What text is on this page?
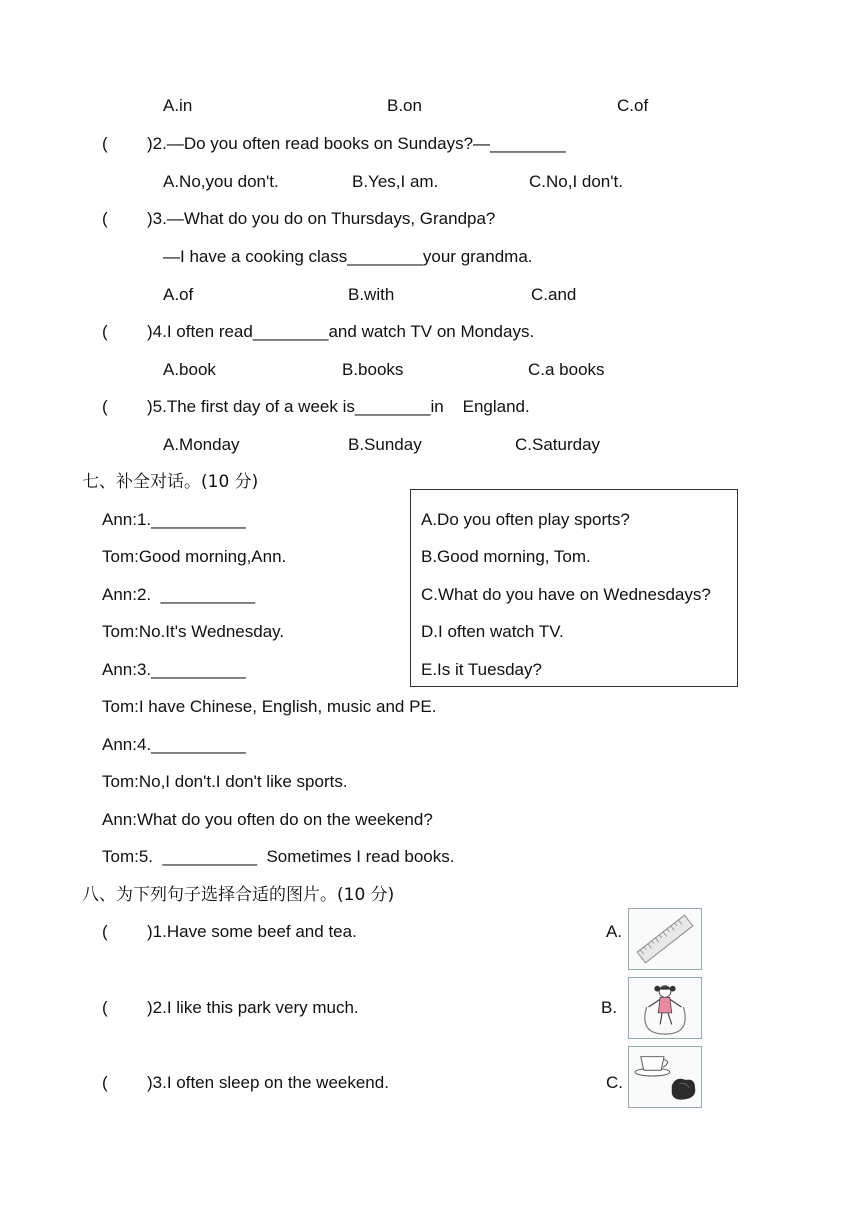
A.in	B.on	C.of
( )2.—Do you often read books on Sundays?—________
A.No,you don't.	B.Yes,I am.	C.No,I don't.
( )3.—What do you do on Thursdays, Grandpa?
—I have a cooking class________your grandma.
A.of	B.with	C.and
( )4.I often read________and watch TV on Mondays.
A.book	B.books	C.a books
( )5.The first day of a week is________in    England.
A.Monday	B.Sunday	C.Saturday
七、补全对话。(10 分)
Ann:1.__________
Tom:Good morning,Ann.
Ann:2.  __________
Tom:No.It's Wednesday.
Ann:3.__________
Tom:I have Chinese, English, music and PE.
Ann:4.__________
Tom:No,I don't.I don't like sports.
Ann:What do you often do on the weekend?
Tom:5.  __________  Sometimes I read books.
A.Do you often play sports?
B.Good morning, Tom.
C.What do you have on Wednesdays?
D.I often watch TV.
E.Is it Tuesday?
八、为下列句子选择合适的图片。(10 分)
( )1.Have some beef and tea.	A.
( )2.I like this park very much.	B.
( )3.I often sleep on the weekend.	C.
